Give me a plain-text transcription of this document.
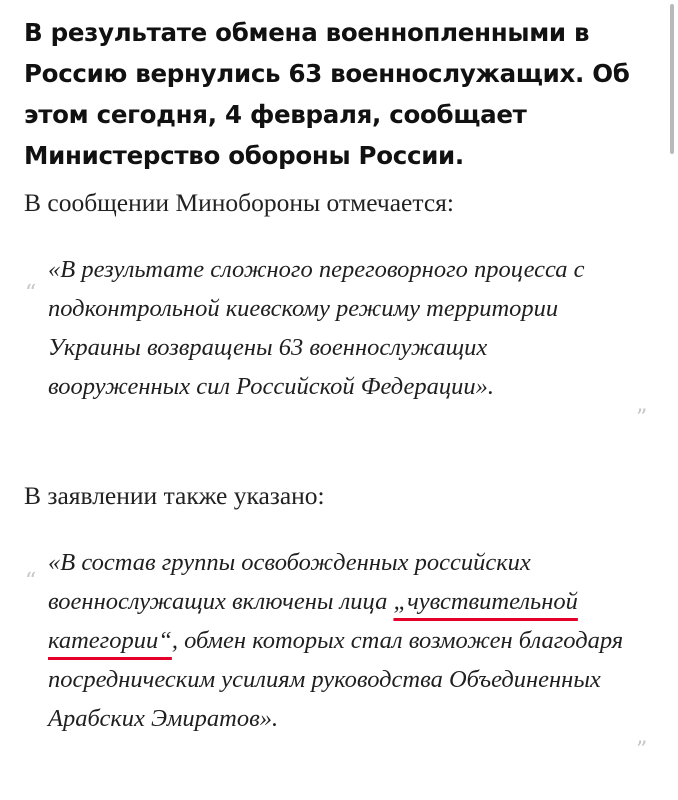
В результате обмена военнопленными в Россию вернулись 63 военнослужащих. Об этом сегодня, 4 февраля, сообщает Министерство обороны России.

В сообщении Минобороны отмечается:

“
«В результате сложного переговорного процесса с подконтрольной киевскому режиму территории Украины возвращены 63 военнослужащих вооруженных сил Российской Федерации».
”

В заявлении также указано:

“
«В состав группы освобожденных российских военнослужащих включены лица „чувствительной категории“, обмен которых стал возможен благодаря посредническим усилиям руководства Объединенных Арабских Эмиратов».
”
